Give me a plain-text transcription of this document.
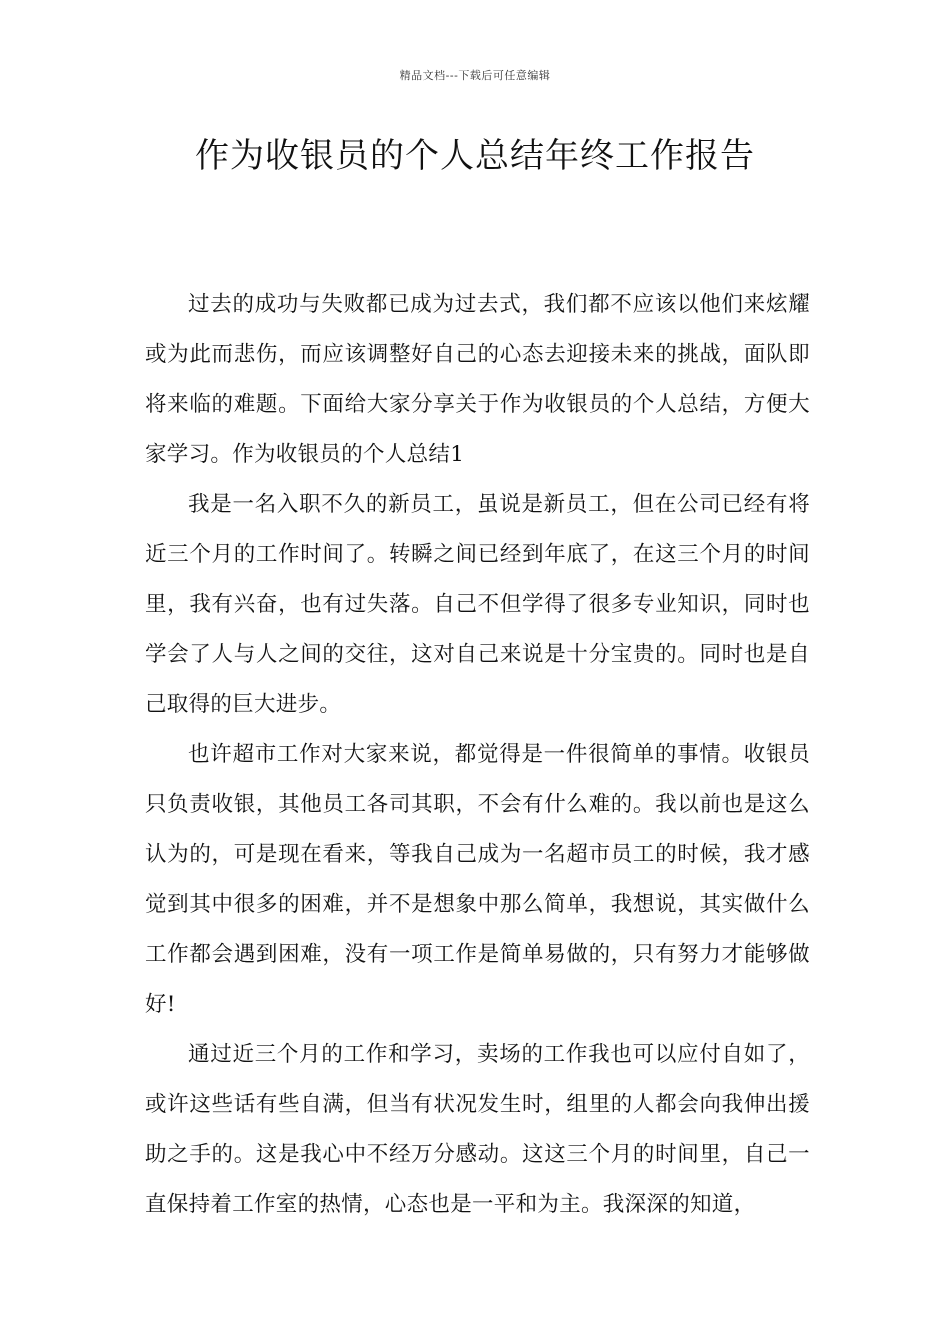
精品文档---下载后可任意编辑
作为收银员的个人总结年终工作报告

过去的成功与失败都已成为过去式，我们都不应该以他们来炫耀或为此而悲伤，而应该调整好自己的心态去迎接未来的挑战，面队即将来临的难题。下面给大家分享关于作为收银员的个人总结，方便大家学习。作为收银员的个人总结1

我是一名入职不久的新员工，虽说是新员工，但在公司已经有将近三个月的工作时间了。转瞬之间已经到年底了，在这三个月的时间里，我有兴奋，也有过失落。自己不但学得了很多专业知识，同时也学会了人与人之间的交往，这对自己来说是十分宝贵的。同时也是自己取得的巨大进步。

也许超市工作对大家来说，都觉得是一件很简单的事情。收银员只负责收银，其他员工各司其职，不会有什么难的。我以前也是这么认为的，可是现在看来，等我自己成为一名超市员工的时候，我才感觉到其中很多的困难，并不是想象中那么简单，我想说，其实做什么工作都会遇到困难，没有一项工作是简单易做的，只有努力才能够做好!

通过近三个月的工作和学习，卖场的工作我也可以应付自如了，或许这些话有些自满，但当有状况发生时，组里的人都会向我伸出援助之手的。这是我心中不经万分感动。这这三个月的时间里，自己一直保持着工作室的热情，心态也是一平和为主。我深深的知道，
